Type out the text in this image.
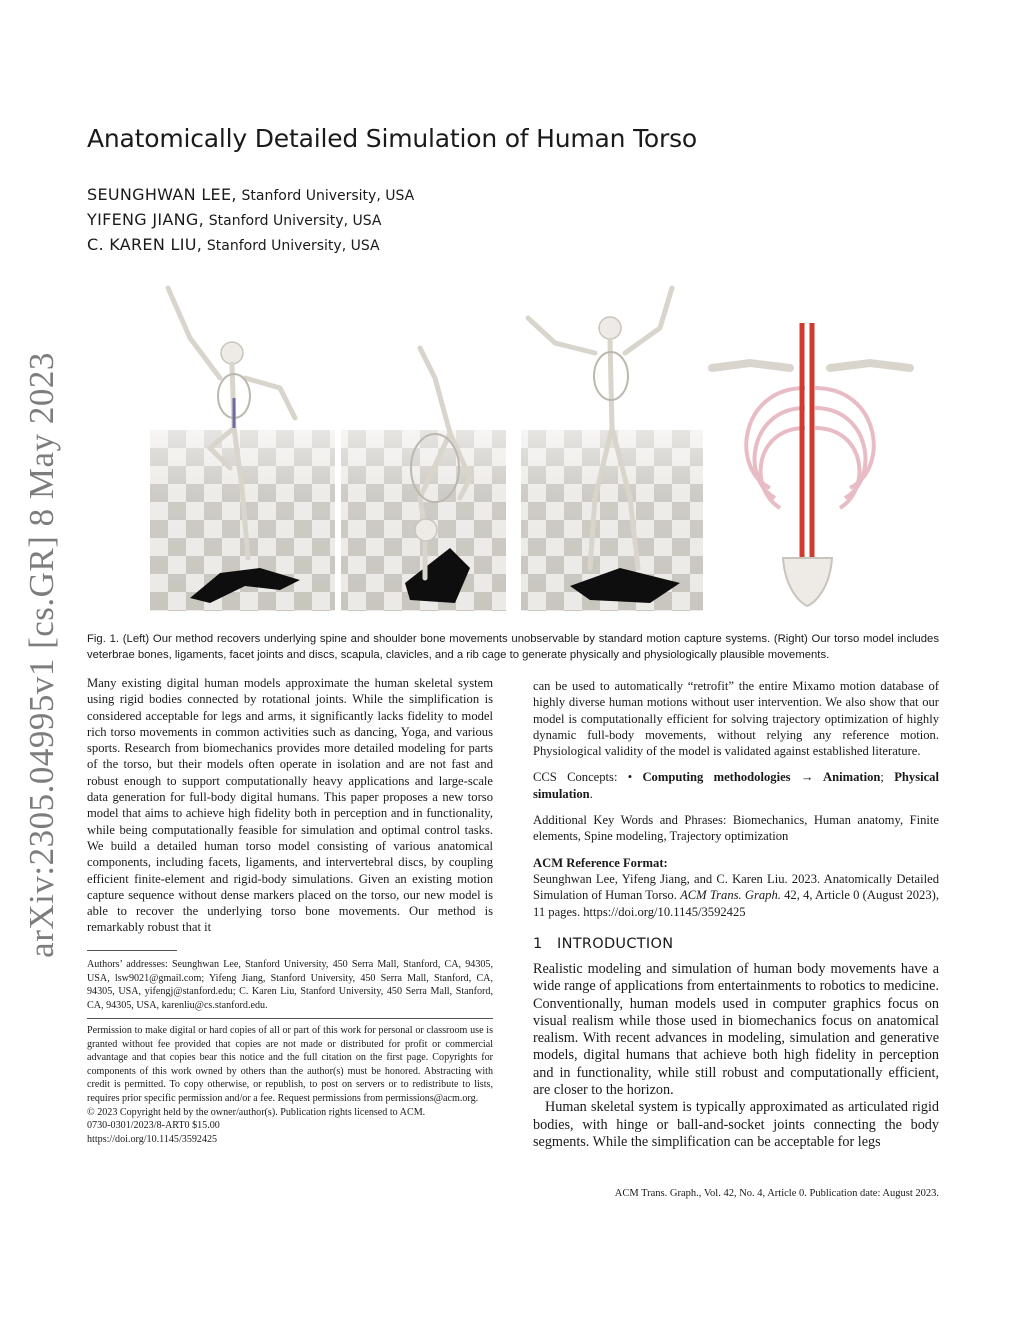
arXiv:2305.04995v1 [cs.GR] 8 May 2023
Anatomically Detailed Simulation of Human Torso
SEUNGHWAN LEE, Stanford University, USA
YIFENG JIANG, Stanford University, USA
C. KAREN LIU, Stanford University, USA

Fig. 1. (Left) Our method recovers underlying spine and shoulder bone movements unobservable by standard motion capture systems. (Right) Our torso model includes veterbrae bones, ligaments, facet joints and discs, scapula, clavicles, and a rib cage to generate physically and physiologically plausible movements.

Many existing digital human models approximate the human skeletal system using rigid bodies connected by rotational joints. While the simplification is considered acceptable for legs and arms, it significantly lacks fidelity to model rich torso movements in common activities such as dancing, Yoga, and various sports. Research from biomechanics provides more detailed modeling for parts of the torso, but their models often operate in isolation and are not fast and robust enough to support computationally heavy applications and large-scale data generation for full-body digital humans. This paper proposes a new torso model that aims to achieve high fidelity both in perception and in functionality, while being computationally feasible for simulation and optimal control tasks. We build a detailed human torso model consisting of various anatomical components, including facets, ligaments, and intervertebral discs, by coupling efficient finite-element and rigid-body simulations. Given an existing motion capture sequence without dense markers placed on the torso, our new model is able to recover the underlying torso bone movements. Our method is remarkably robust that it

Authors’ addresses: Seunghwan Lee, Stanford University, 450 Serra Mall, Stanford, CA, 94305, USA, lsw9021@gmail.com; Yifeng Jiang, Stanford University, 450 Serra Mall, Stanford, CA, 94305, USA, yifengj@stanford.edu; C. Karen Liu, Stanford University, 450 Serra Mall, Stanford, CA, 94305, USA, karenliu@cs.stanford.edu.

Permission to make digital or hard copies of all or part of this work for personal or classroom use is granted without fee provided that copies are not made or distributed for profit or commercial advantage and that copies bear this notice and the full citation on the first page. Copyrights for components of this work owned by others than the author(s) must be honored. Abstracting with credit is permitted. To copy otherwise, or republish, to post on servers or to redistribute to lists, requires prior specific permission and/or a fee. Request permissions from permissions@acm.org.
© 2023 Copyright held by the owner/author(s). Publication rights licensed to ACM.
0730-0301/2023/8-ART0 $15.00
https://doi.org/10.1145/3592425

can be used to automatically “retrofit” the entire Mixamo motion database of highly diverse human motions without user intervention. We also show that our model is computationally efficient for solving trajectory optimization of highly dynamic full-body movements, without relying any reference motion. Physiological validity of the model is validated against established literature.

CCS Concepts: • Computing methodologies → Animation; Physical simulation.

Additional Key Words and Phrases: Biomechanics, Human anatomy, Finite elements, Spine modeling, Trajectory optimization

ACM Reference Format:

Seunghwan Lee, Yifeng Jiang, and C. Karen Liu. 2023. Anatomically Detailed Simulation of Human Torso. ACM Trans. Graph. 42, 4, Article 0 (August 2023), 11 pages. https://doi.org/10.1145/3592425

1 INTRODUCTION

Realistic modeling and simulation of human body movements have a wide range of applications from entertainments to robotics to medicine. Conventionally, human models used in computer graphics focus on visual realism while those used in biomechanics focus on anatomical realism. With recent advances in modeling, simulation and generative models, digital humans that achieve both high fidelity in perception and in functionality, while still robust and computationally efficient, are closer to the horizon.

Human skeletal system is typically approximated as articulated rigid bodies, with hinge or ball-and-socket joints connecting the body segments. While the simplification can be acceptable for legs

ACM Trans. Graph., Vol. 42, No. 4, Article 0. Publication date: August 2023.
